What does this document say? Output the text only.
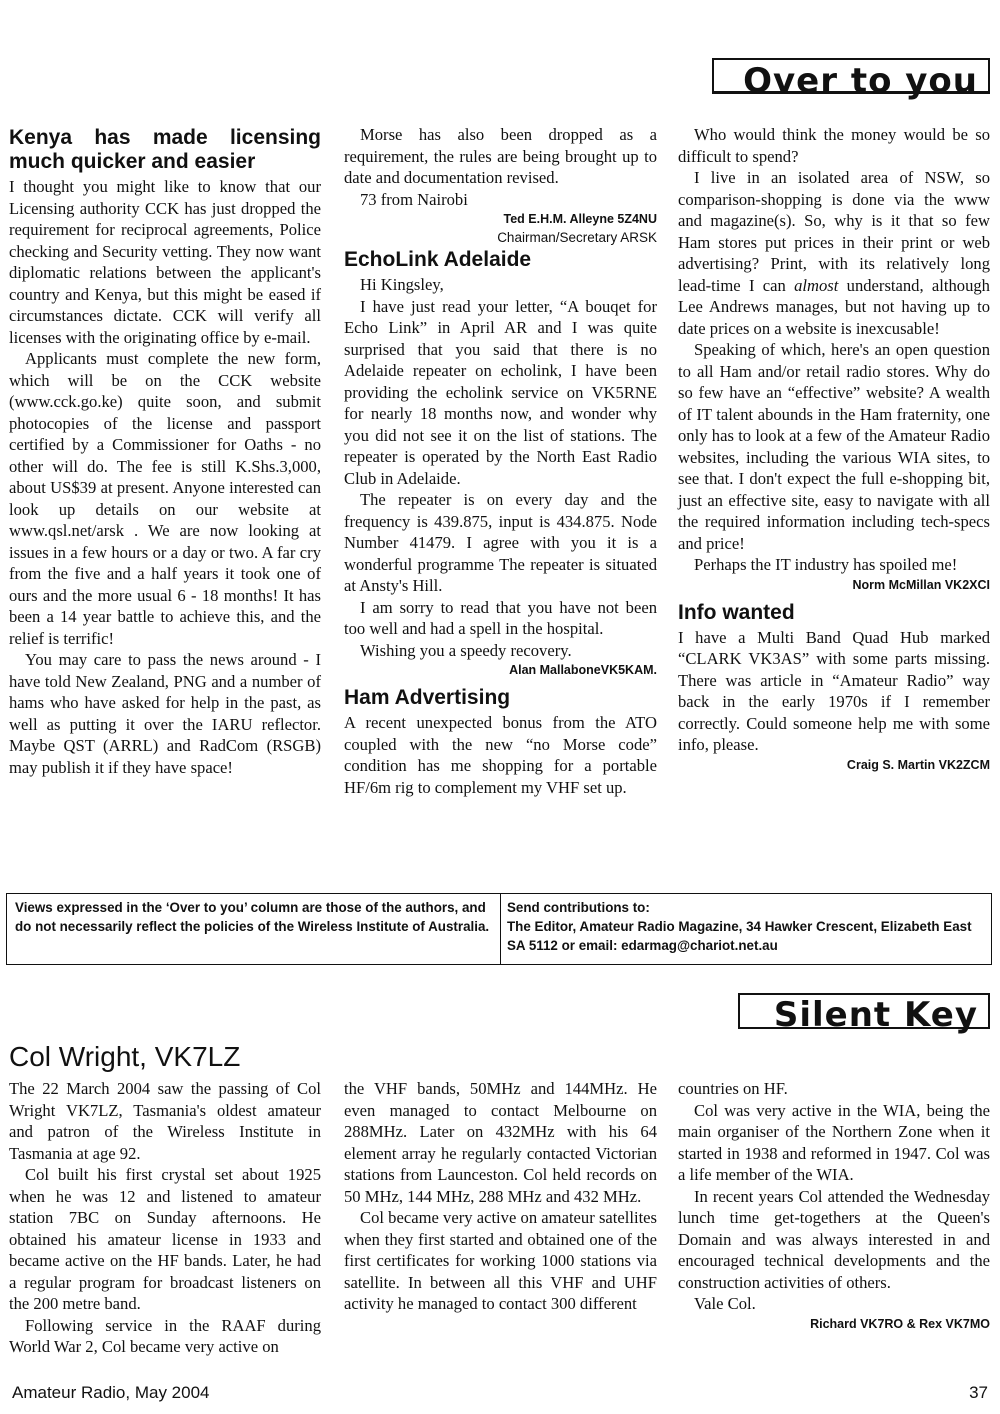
Over to you
Kenya has made licensing much quicker and easier

I thought you might like to know that our Licensing authority CCK has just dropped the requirement for reciprocal agreements, Police checking and Security vetting. They now want diplomatic relations between the applicant's country and Kenya, but this might be eased if circumstances dictate. CCK will verify all licenses with the originating office by e-mail.

Applicants must complete the new form, which will be on the CCK website (www.cck.go.ke) quite soon, and submit photocopies of the license and passport certified by a Commissioner for Oaths - no other will do. The fee is still K.Shs.3,000, about US$39 at present. Anyone interested can look up details on our website at www.qsl.net/arsk . We are now looking at issues in a few hours or a day or two. A far cry from the five and a half years it took one of ours and the more usual 6 - 18 months! It has been a 14 year battle to achieve this, and the relief is terrific!

You may care to pass the news around - I have told New Zealand, PNG and a number of hams who have asked for help in the past, as well as putting it over the IARU reflector. Maybe QST (ARRL) and RadCom (RSGB) may publish it if they have space!

Morse has also been dropped as a requirement, the rules are being brought up to date and documentation revised.

73 from Nairobi

Ted E.H.M. Alleyne 5Z4NU
Chairman/Secretary ARSK
EchoLink Adelaide

Hi Kingsley,

I have just read your letter, “A bouqet for Echo Link” in April AR and I was quite surprised that you said that there is no Adelaide repeater on echolink, I have been providing the echolink service on VK5RNE for nearly 18 months now, and wonder why you did not see it on the list of stations. The repeater is operated by the North East Radio Club in Adelaide.

The repeater is on every day and the frequency is 439.875, input is 434.875. Node Number 41479. I agree with you it is a wonderful programme The repeater is situated at Ansty's Hill.

I am sorry to read that you have not been too well and had a spell in the hospital.

Wishing you a speedy recovery.

Alan MallaboneVK5KAM.
Ham Advertising

A recent unexpected bonus from the ATO coupled with the new “no Morse code” condition has me shopping for a portable HF/6m rig to complement my VHF set up.

Who would think the money would be so difficult to spend?

I live in an isolated area of NSW, so comparison-shopping is done via the www and magazine(s). So, why is it that so few Ham stores put prices in their print or web advertising? Print, with its relatively long lead-time I can almost understand, although Lee Andrews manages, but not having up to date prices on a website is inexcusable!

Speaking of which, here's an open question to all Ham and/or retail radio stores. Why do so few have an “effective” website? A wealth of IT talent abounds in the Ham fraternity, one only has to look at a few of the Amateur Radio websites, including the various WIA sites, to see that. I don't expect the full e-shopping bit, just an effective site, easy to navigate with all the required information including tech-specs and price!

Perhaps the IT industry has spoiled me!

Norm McMillan VK2XCI
Info wanted

I have a Multi Band Quad Hub marked “CLARK VK3AS” with some parts missing. There was article in “Amateur Radio” way back in the early 1970s if I remember correctly. Could someone help me with some info, please.

Craig S. Martin VK2ZCM
Views expressed in the ‘Over to you’ column are those of the authors, and do not necessarily reflect the policies of the Wireless Institute of Australia.
Send contributions to:
The Editor, Amateur Radio Magazine, 34 Hawker Crescent, Elizabeth East SA 5112 or email: edarmag@chariot.net.au
Silent Key
Col Wright, VK7LZ

The 22 March 2004 saw the passing of Col Wright VK7LZ, Tasmania's oldest amateur and patron of the Wireless Institute in Tasmania at age 92.

Col built his first crystal set about 1925 when he was 12 and listened to amateur station 7BC on Sunday afternoons. He obtained his amateur license in 1933 and became active on the HF bands. Later, he had a regular program for broadcast listeners on the 200 metre band.

Following service in the RAAF during World War 2, Col became very active on

the VHF bands, 50MHz and 144MHz. He even managed to contact Melbourne on 288MHz. Later on 432MHz with his 64 element array he regularly contacted Victorian stations from Launceston. Col held records on 50 MHz, 144 MHz, 288 MHz and 432 MHz.

Col became very active on amateur satellites when they first started and obtained one of the first certificates for working 1000 stations via satellite. In between all this VHF and UHF activity he managed to contact 300 different

countries on HF.

Col was very active in the WIA, being the main organiser of the Northern Zone when it started in 1938 and reformed in 1947. Col was a life member of the WIA.

In recent years Col attended the Wednesday lunch time get-togethers at the Queen's Domain and was always interested in and encouraged technical developments and the construction activities of others.

Vale Col.

Richard VK7RO & Rex VK7MO
Amateur Radio, May 2004	37
